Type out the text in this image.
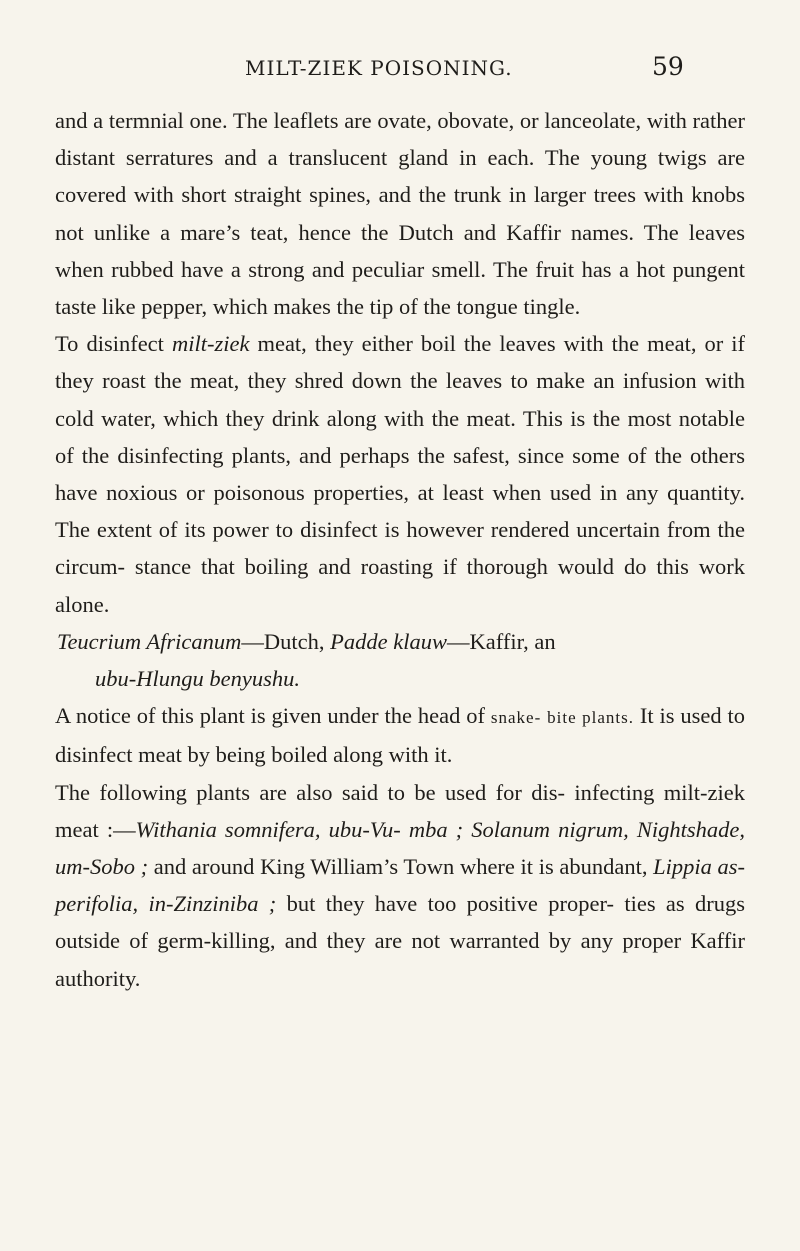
MILT-ZIEK POISONING.	59

and a termnial one. The leaflets are ovate, obovate, or lanceolate, with rather distant serratures and a translucent gland in each. The young twigs are covered with short straight spines, and the trunk in larger trees with knobs not unlike a mare’s teat, hence the Dutch and Kaffir names. The leaves when rubbed have a strong and peculiar smell. The fruit has a hot pungent taste like pepper, which makes the tip of the tongue tingle.

To disinfect milt-ziek meat, they either boil the leaves with the meat, or if they roast the meat, they shred down the leaves to make an infusion with cold water, which they drink along with the meat. This is the most notable of the disinfecting plants, and perhaps the safest, since some of the others have noxious or poisonous properties, at least when used in any quantity. The extent of its power to disinfect is however rendered uncertain from the circum- stance that boiling and roasting if thorough would do this work alone.

Teucrium Africanum—Dutch, Padde klauw—Kaffir, an
ubu-Hlungu benyushu.

A notice of this plant is given under the head of snake- bite plants. It is used to disinfect meat by being boiled along with it.

The following plants are also said to be used for dis- infecting milt-ziek meat :—Withania somnifera, ubu-Vu- mba ; Solanum nigrum, Nightshade, um-Sobo ; and around King William’s Town where it is abundant, Lippia as- perifolia, in-Zinziniba ; but they have too positive proper- ties as drugs outside of germ-killing, and they are not warranted by any proper Kaffir authority.
